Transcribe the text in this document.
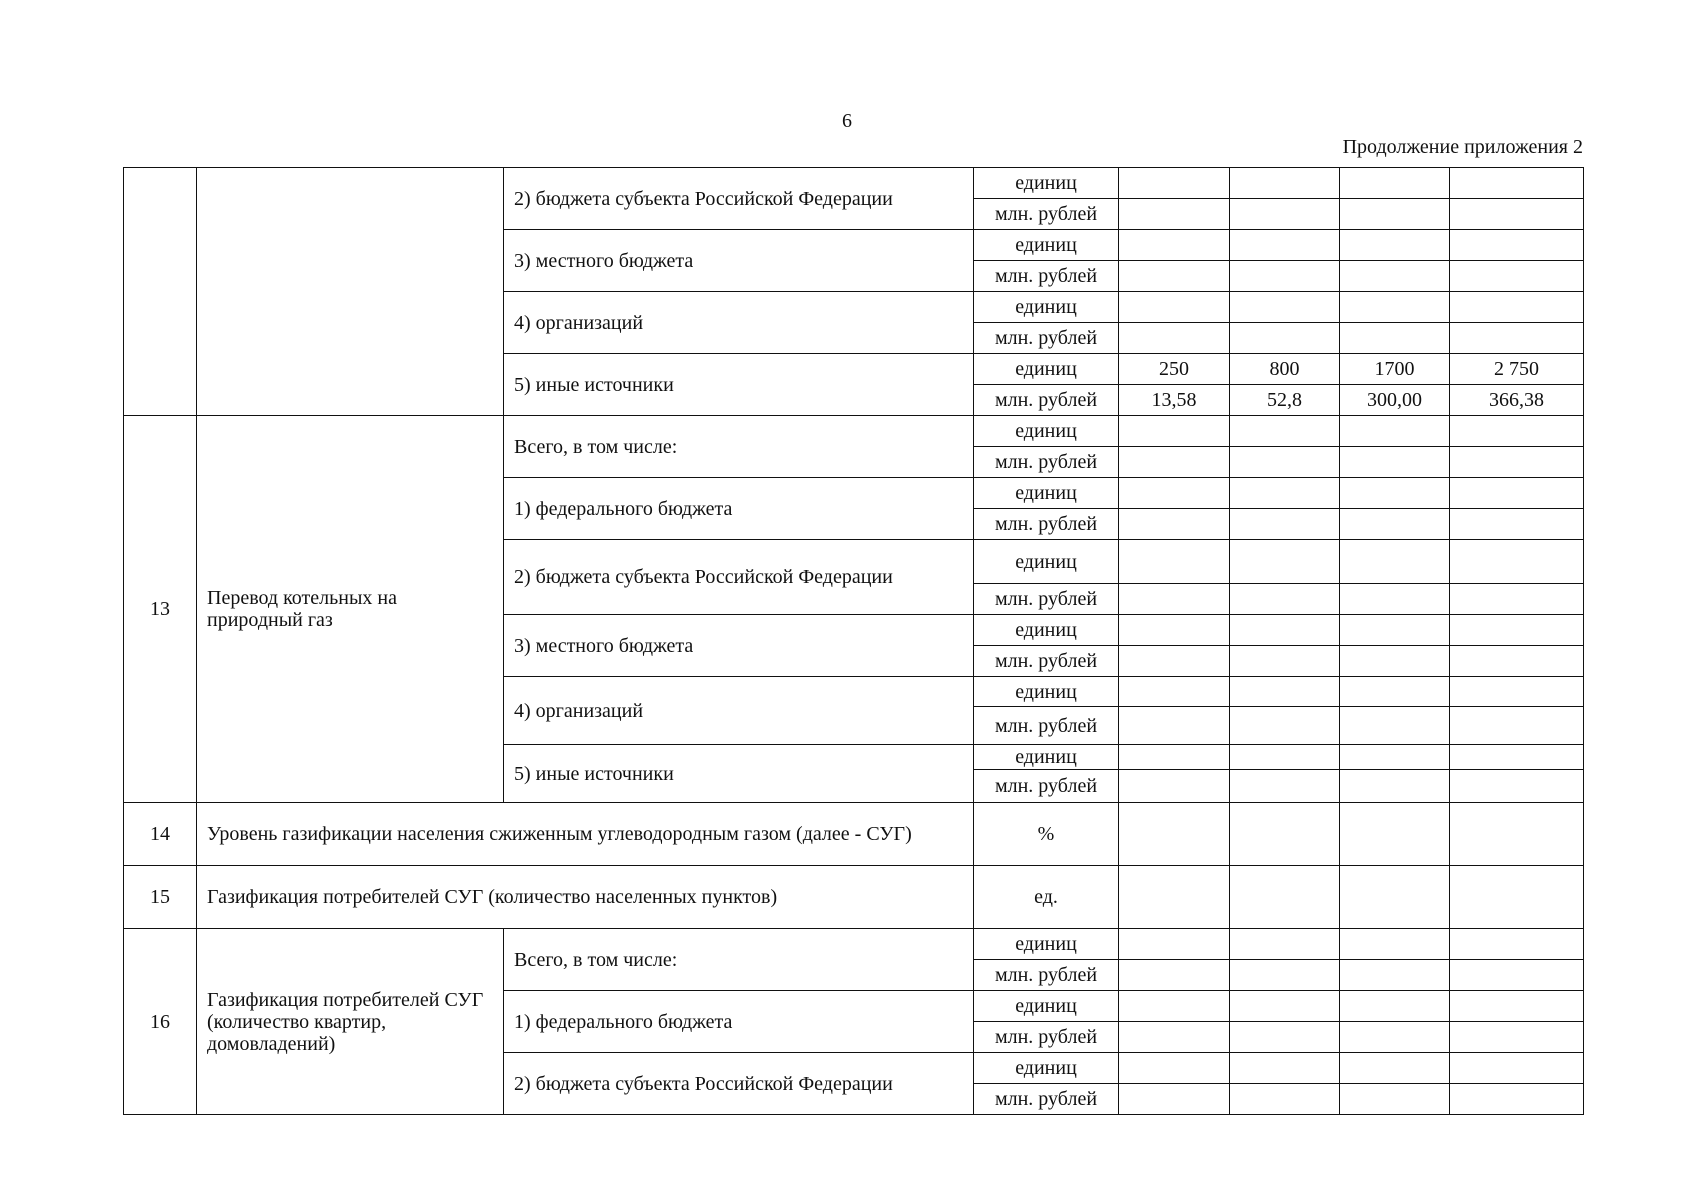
6
Продолжение приложения 2
		2) бюджета субъекта Российской Федерации	единиц				
			млн. рублей				
		3) местного бюджета	единиц				
			млн. рублей				
		4) организаций	единиц				
			млн. рублей				
		5) иные источники	единиц	250	800	1700	2 750
			млн. рублей	13,58	52,8	300,00	366,38
13	Перевод котельных на природный газ	Всего, в том числе:	единиц				
			млн. рублей				
		1) федерального бюджета	единиц				
			млн. рублей				
		2) бюджета субъекта Российской Федерации	единиц				
			млн. рублей				
		3) местного бюджета	единиц				
			млн. рублей				
		4) организаций	единиц				
			млн. рублей				
		5) иные источники	единиц				
			млн. рублей				
14	Уровень газификации населения сжиженным углеводородным газом (далее - СУГ)		%				
15	Газификация потребителей СУГ (количество населенных пунктов)		ед.				
16	Газификация потребителей СУГ (количество квартир, домовладений)	Всего, в том числе:	единиц				
			млн. рублей				
		1) федерального бюджета	единиц				
			млн. рублей				
		2) бюджета субъекта Российской Федерации	единиц				
			млн. рублей				
